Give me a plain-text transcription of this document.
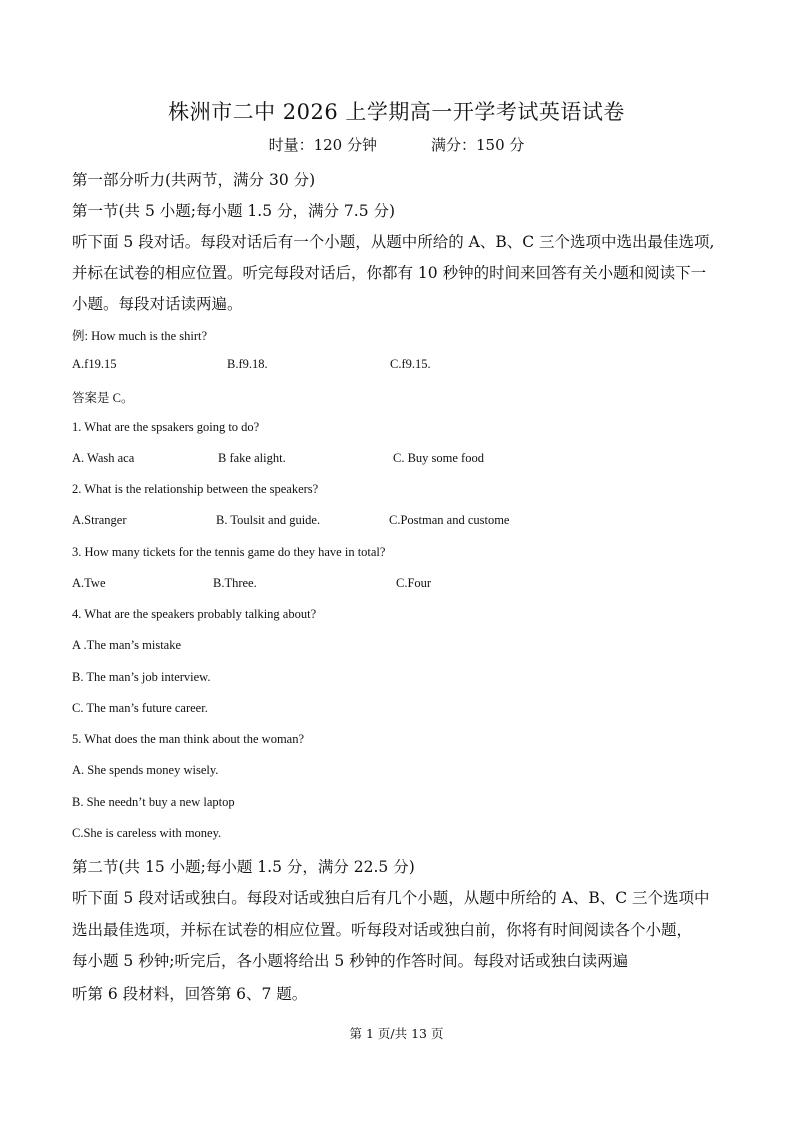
株洲市二中 2026 上学期高一开学考试英语试卷
时量：120 分钟	满分：150 分
第一部分听力(共两节，满分 30 分)
第一节(共 5 小题;每小题 1.5 分，满分 7.5 分)
听下面 5 段对话。每段对话后有一个小题，从题中所给的 A、B、C 三个选项中选出最佳选项,
并标在试卷的相应位置。听完每段对话后，你都有 10 秒钟的时间来回答有关小题和阅读下一
小题。每段对话读两遍。
例: How much is the shirt?
A.f19.15	B.f9.18.	C.f9.15.
答案是 C。
1. What are the spsakers going to do?
A. Wash aca	B fake alight.	C. Buy some food
2. What is the relationship between the speakers?
A.Stranger	B. Toulsit and guide.	C.Postman and custome
3. How many tickets for the tennis game do they have in total?
A.Twe	B.Three.	C.Four
4. What are the speakers probably talking about?
A .The man’s mistake
B. The man’s job interview.
C. The man’s future career.
5. What does the man think about the woman?
A. She spends money wisely.
B. She needn’t buy a new laptop
C.She is careless with money.
第二节(共 15 小题;每小题 1.5 分，满分 22.5 分)
听下面 5 段对话或独白。每段对话或独白后有几个小题，从题中所给的 A、B、C 三个选项中
选出最佳选项，并标在试卷的相应位置。听每段对话或独白前，你将有时间阅读各个小题，
每小题 5 秒钟;听完后，各小题将给出 5 秒钟的作答时间。每段对话或独白读两遍
听第 6 段材料，回答第 6、7 题。
第 1 页/共 13 页
